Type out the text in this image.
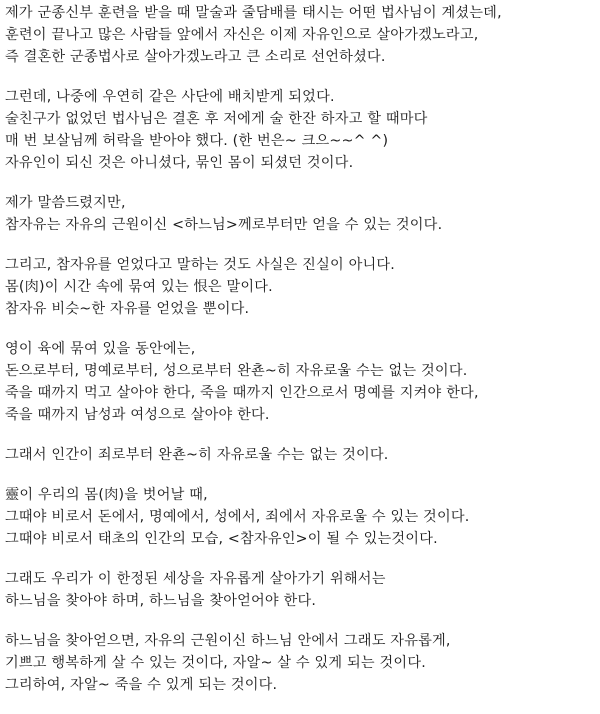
제가 군종신부 훈련을 받을 때 말술과 줄담배를 태시는 어떤 법사님이 계셨는데,
훈련이 끝나고 많은 사람들 앞에서 자신은 이제 자유인으로 살아가겠노라고,
즉 결혼한 군종법사로 살아가겠노라고 큰 소리로 선언하셨다.
그런데, 나중에 우연히 같은 사단에 배치받게 되었다.
술친구가 없었던 법사님은 결혼 후 저에게 술 한잔 하자고 할 때마다
매 번 보살님께 허락을 받아야 했다. (한 번은~ 크으~~^ ^)
자유인이 되신 것은 아니셨다, 묶인 몸이 되셨던 것이다.
제가 말씀드렸지만,
참자유는 자유의 근원이신 <하느님>께로부터만 얻을 수 있는 것이다.
그리고, 참자유를 얻었다고 말하는 것도 사실은 진실이 아니다.
몸(肉)이 시간 속에 묶여 있는 恨은 말이다.
참자유 비슷~한 자유를 얻었을 뿐이다.
영이 육에 묶여 있을 동안에는,
돈으로부터, 명예로부터, 성으로부터 완쵼~히 자유로울 수는 없는 것이다.
죽을 때까지 먹고 살아야 한다, 죽을 때까지 인간으로서 명예를 지켜야 한다,
죽을 때까지 남성과 여성으로 살아야 한다.
그래서 인간이 죄로부터 완쵼~히 자유로울 수는 없는 것이다.
靈이 우리의 몸(肉)을 벗어날 때,
그때야 비로서 돈에서, 명예에서, 성에서, 죄에서 자유로울 수 있는 것이다.
그때야 비로서 태초의 인간의 모습, <참자유인>이 될 수 있는것이다.
그래도 우리가 이 한정된 세상을 자유롭게 살아가기 위해서는
하느님을 찾아야 하며, 하느님을 찾아얻어야 한다.
하느님을 찾아얻으면, 자유의 근원이신 하느님 안에서 그래도 자유롭게,
기쁘고 행복하게 살 수 있는 것이다, 자알~ 살 수 있게 되는 것이다.
그리하여, 자알~ 죽을 수 있게 되는 것이다.
